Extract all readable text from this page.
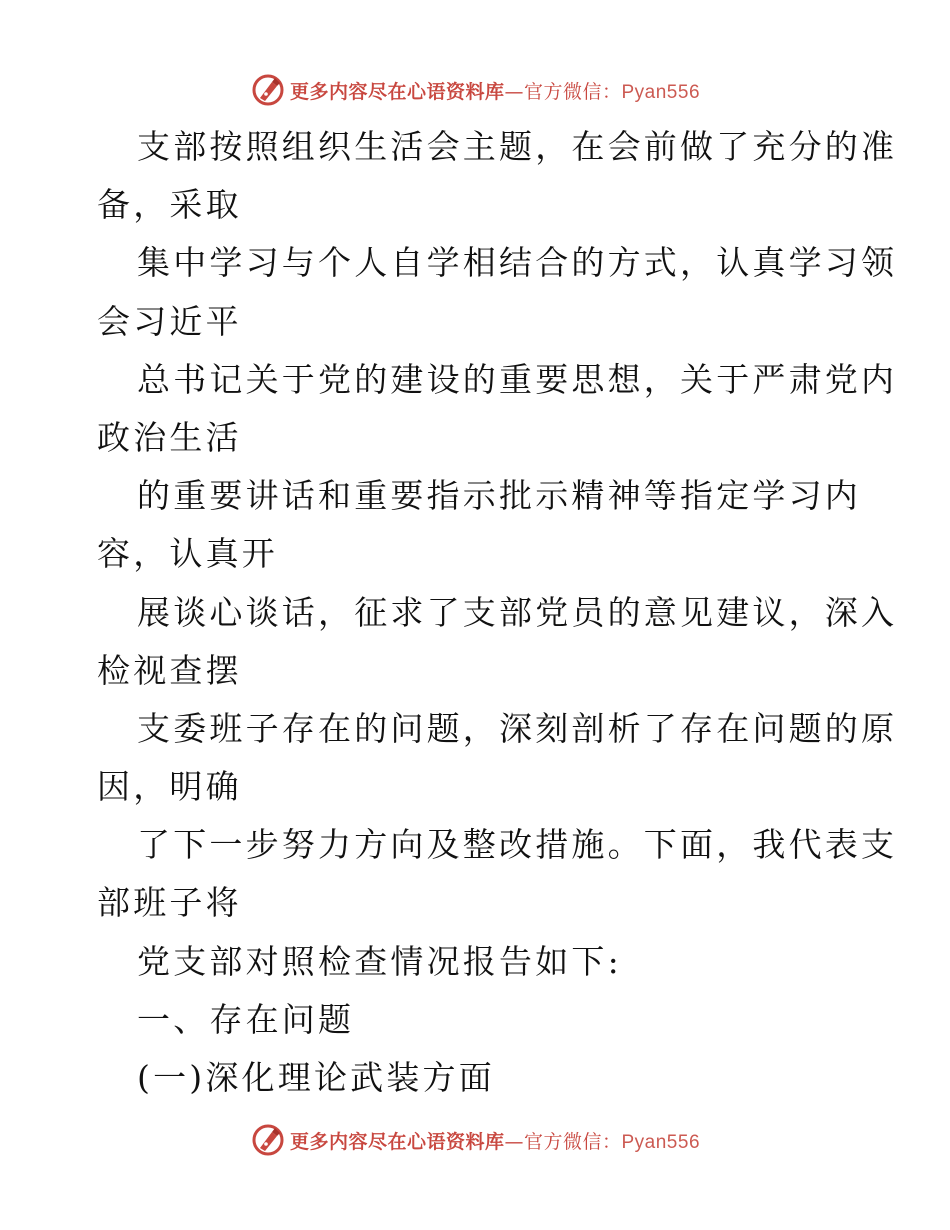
更多内容尽在心语资料库—官方微信：Pyan556
支部按照组织生活会主题，在会前做了充分的准
备，采取
集中学习与个人自学相结合的方式，认真学习领
会习近平
总书记关于党的建设的重要思想，关于严肃党内
政治生活
的重要讲话和重要指示批示精神等指定学习内
容，认真开
展谈心谈话，征求了支部党员的意见建议，深入
检视查摆
支委班子存在的问题，深刻剖析了存在问题的原
因，明确
了下一步努力方向及整改措施。下面，我代表支
部班子将
党支部对照检查情况报告如下:
一、存在问题
(一)深化理论武装方面
更多内容尽在心语资料库—官方微信：Pyan556
